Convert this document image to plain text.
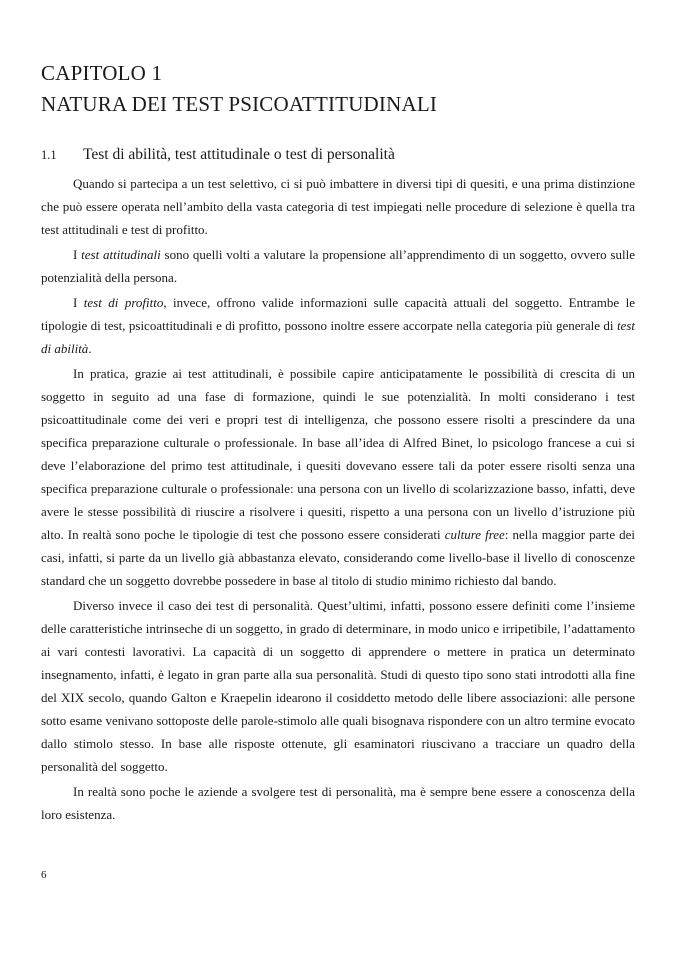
CAPITOLO 1
NATURA DEI TEST PSICOATTITUDINALI
1.1 Test di abilità, test attitudinale o test di personalità

Quando si partecipa a un test selettivo, ci si può imbattere in diversi tipi di quesiti, e una prima distinzione che può essere operata nell’ambito della vasta categoria di test impiegati nelle procedure di selezione è quella tra test attitudinali e test di profitto.

I test attitudinali sono quelli volti a valutare la propensione all’apprendimento di un soggetto, ovvero sulle potenzialità della persona.

I test di profitto, invece, offrono valide informazioni sulle capacità attuali del soggetto. Entrambe le tipologie di test, psicoattitudinali e di profitto, possono inoltre essere accorpate nella categoria più generale di test di abilità.

In pratica, grazie ai test attitudinali, è possibile capire anticipatamente le possibilità di crescita di un soggetto in seguito ad una fase di formazione, quindi le sue potenzialità. In molti considerano i test psicoattitudinale come dei veri e propri test di intelligenza, che possono essere risolti a prescindere da una specifica preparazione culturale o professionale. In base all’idea di Alfred Binet, lo psicologo francese a cui si deve l’elaborazione del primo test attitudinale, i quesiti dovevano essere tali da poter essere risolti senza una specifica preparazione culturale o professionale: una persona con un livello di scolarizzazione basso, infatti, deve avere le stesse possibilità di riuscire a risolvere i quesiti, rispetto a una persona con un livello d’istruzione più alto. In realtà sono poche le tipologie di test che possono essere considerati culture free: nella maggior parte dei casi, infatti, si parte da un livello già abbastanza elevato, considerando come livello-base il livello di conoscenze standard che un soggetto dovrebbe possedere in base al titolo di studio minimo richiesto dal bando.

Diverso invece il caso dei test di personalità. Quest’ultimi, infatti, possono essere definiti come l’insieme delle caratteristiche intrinseche di un soggetto, in grado di determinare, in modo unico e irripetibile, l’adattamento ai vari contesti lavorativi. La capacità di un soggetto di apprendere o mettere in pratica un determinato insegnamento, infatti, è legato in gran parte alla sua personalità. Studi di questo tipo sono stati introdotti alla fine del XIX secolo, quando Galton e Kraepelin idearono il cosiddetto metodo delle libere associazioni: alle persone sotto esame venivano sottoposte delle parole-stimolo alle quali bisognava rispondere con un altro termine evocato dallo stimolo stesso. In base alle risposte ottenute, gli esaminatori riuscivano a tracciare un quadro della personalità del soggetto.

In realtà sono poche le aziende a svolgere test di personalità, ma è sempre bene essere a conoscenza della loro esistenza.

6
